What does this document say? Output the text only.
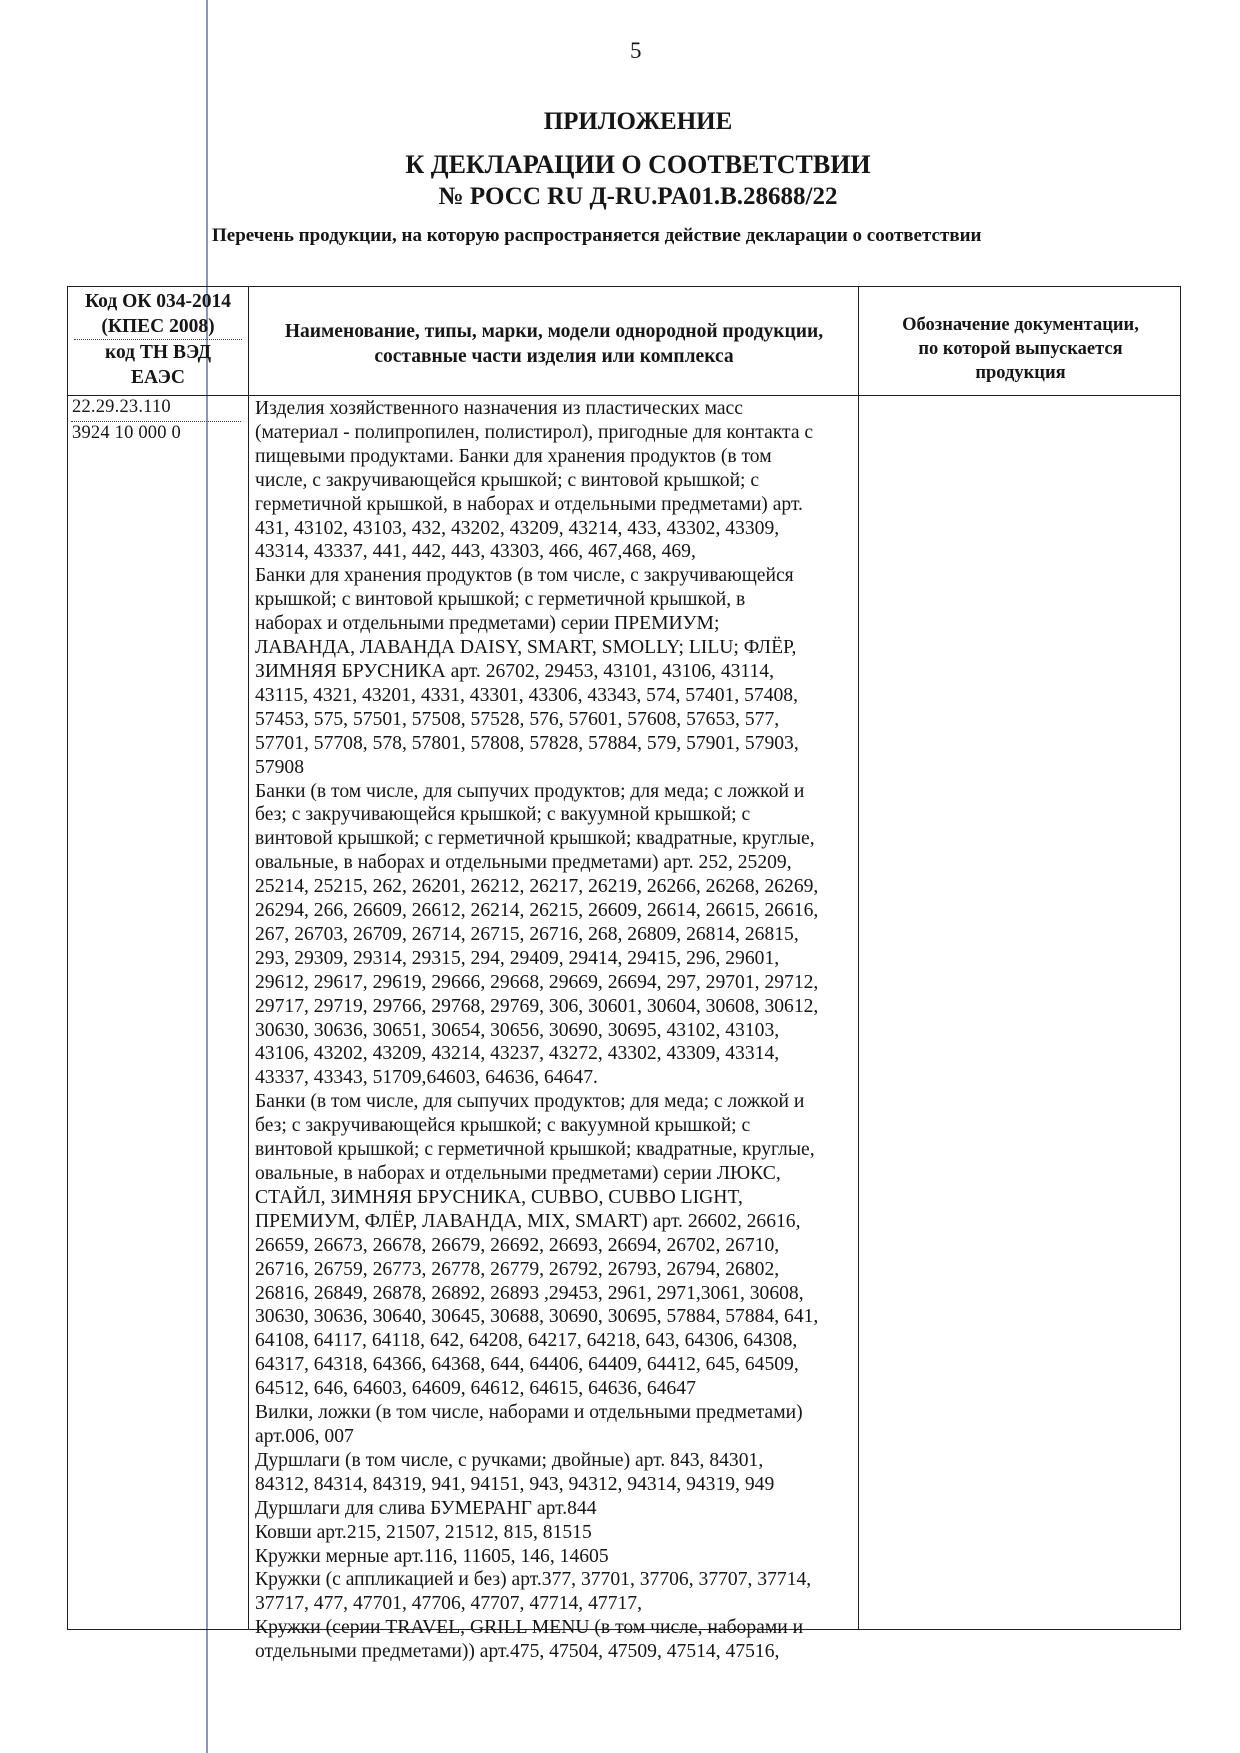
5
ПРИЛОЖЕНИЕ
К ДЕКЛАРАЦИИ О СООТВЕТСТВИИ
№ РОСС RU Д-RU.PA01.В.28688/22
Перечень продукции, на которую распространяется действие декларации о соответствии
Код ОК 034-2014
(КПЕС 2008)
код ТН ВЭД
ЕАЭС
Наименование, типы, марки, модели однородной продукции,
составные части изделия или комплекса
Обозначение документации,
по которой выпускается
продукция
22.29.23.110
3924 10 000 0
Изделия хозяйственного назначения из пластических масс
(материал - полипропилен, полистирол), пригодные для контакта с
пищевыми продуктами. Банки для хранения продуктов (в том
числе, с закручивающейся крышкой; с винтовой крышкой; с
герметичной крышкой, в наборах и отдельными предметами) арт.
431, 43102, 43103, 432, 43202, 43209, 43214, 433, 43302, 43309,
43314, 43337, 441, 442, 443, 43303, 466, 467,468, 469,
Банки для хранения продуктов (в том числе, с закручивающейся
крышкой; с винтовой крышкой; с герметичной крышкой, в
наборах и отдельными предметами) серии ПРЕМИУМ;
ЛАВАНДА, ЛАВАНДА DAISY, SMART, SMOLLY; LILU; ФЛЁР,
ЗИМНЯЯ БРУСНИКА арт. 26702, 29453, 43101, 43106, 43114,
43115, 4321, 43201, 4331, 43301, 43306, 43343, 574, 57401, 57408,
57453, 575, 57501, 57508, 57528, 576, 57601, 57608, 57653, 577,
57701, 57708, 578, 57801, 57808, 57828, 57884, 579, 57901, 57903,
57908
Банки (в том числе, для сыпучих продуктов; для меда; с ложкой и
без; с закручивающейся крышкой; с вакуумной крышкой; с
винтовой крышкой; с герметичной крышкой; квадратные, круглые,
овальные, в наборах и отдельными предметами) арт. 252, 25209,
25214, 25215, 262, 26201, 26212, 26217, 26219, 26266, 26268, 26269,
26294, 266, 26609, 26612, 26214, 26215, 26609, 26614, 26615, 26616,
267, 26703, 26709, 26714, 26715, 26716, 268, 26809, 26814, 26815,
293, 29309, 29314, 29315, 294, 29409, 29414, 29415, 296, 29601,
29612, 29617, 29619, 29666, 29668, 29669, 26694, 297, 29701, 29712,
29717, 29719, 29766, 29768, 29769, 306, 30601, 30604, 30608, 30612,
30630, 30636, 30651, 30654, 30656, 30690, 30695, 43102, 43103,
43106, 43202, 43209, 43214, 43237, 43272, 43302, 43309, 43314,
43337, 43343, 51709,64603, 64636, 64647.
Банки (в том числе, для сыпучих продуктов; для меда; с ложкой и
без; с закручивающейся крышкой; с вакуумной крышкой; с
винтовой крышкой; с герметичной крышкой; квадратные, круглые,
овальные, в наборах и отдельными предметами) серии ЛЮКС,
СТАЙЛ, ЗИМНЯЯ БРУСНИКА, CUBBO, CUBBO LIGHT,
ПРЕМИУМ, ФЛЁР, ЛАВАНДА, MIX, SMART) арт. 26602, 26616,
26659, 26673, 26678, 26679, 26692, 26693, 26694, 26702, 26710,
26716, 26759, 26773, 26778, 26779, 26792, 26793, 26794, 26802,
26816, 26849, 26878, 26892, 26893 ,29453, 2961, 2971,3061, 30608,
30630, 30636, 30640, 30645, 30688, 30690, 30695, 57884, 57884, 641,
64108, 64117, 64118, 642, 64208, 64217, 64218, 643, 64306, 64308,
64317, 64318, 64366, 64368, 644, 64406, 64409, 64412, 645, 64509,
64512, 646, 64603, 64609, 64612, 64615, 64636, 64647
Вилки, ложки (в том числе, наборами и отдельными предметами)
арт.006, 007
Дуршлаги (в том числе, с ручками; двойные) арт. 843, 84301,
84312, 84314, 84319, 941, 94151, 943, 94312, 94314, 94319, 949
Дуршлаги для слива БУМЕРАНГ арт.844
Ковши арт.215, 21507, 21512, 815, 81515
Кружки мерные арт.116, 11605, 146, 14605
Кружки (с аппликацией и без) арт.377, 37701, 37706, 37707, 37714,
37717, 477, 47701, 47706, 47707, 47714, 47717,
Кружки (серии TRAVEL, GRILL MENU (в том числе, наборами и
отдельными предметами)) арт.475, 47504, 47509, 47514, 47516,
